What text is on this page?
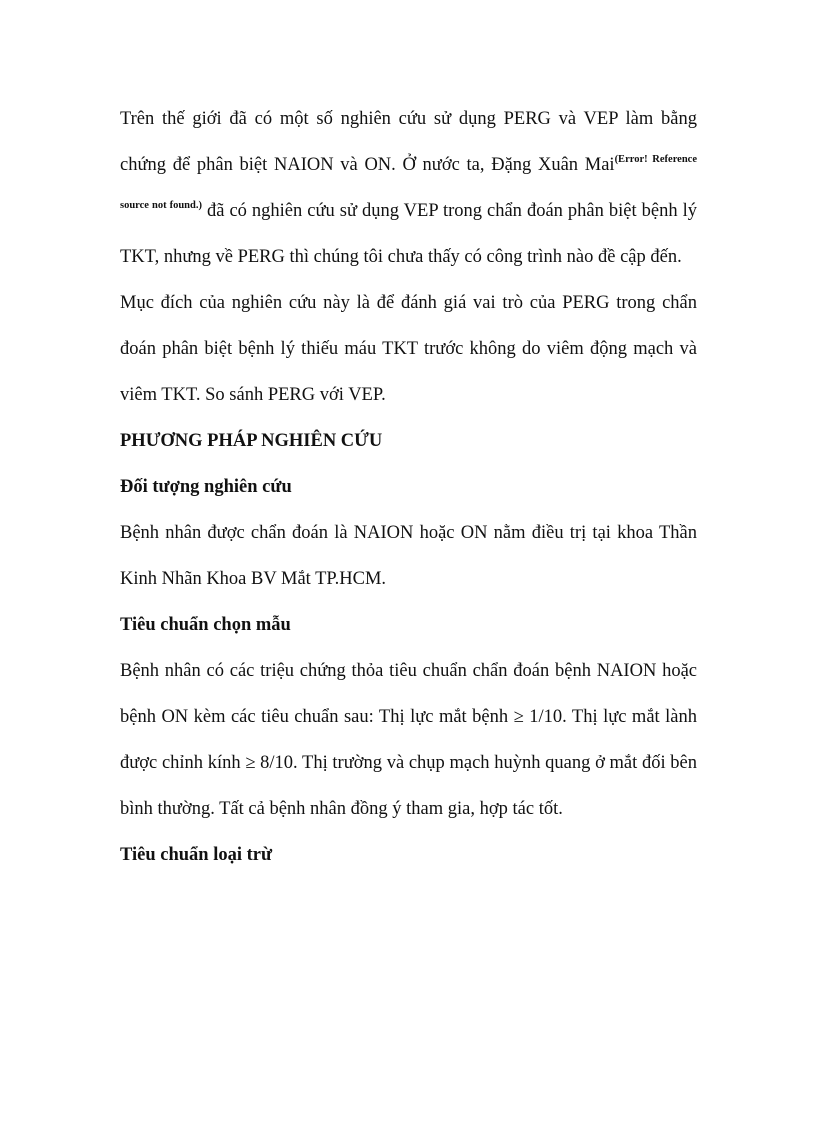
Trên thế giới đã có một số nghiên cứu sử dụng PERG và VEP làm bằng chứng để phân biệt NAION và ON. Ở nước ta, Đặng Xuân Mai$^{(Error! Reference source not found.)}$ đã có nghiên cứu sử dụng VEP trong chẩn đoán phân biệt bệnh lý TKT, nhưng về PERG thì chúng tôi chưa thấy có công trình nào đề cập đến.

Mục đích của nghiên cứu này là để đánh giá vai trò của PERG trong chẩn đoán phân biệt bệnh lý thiếu máu TKT trước không do viêm động mạch và viêm TKT. So sánh PERG với VEP.

PHƯƠNG PHÁP NGHIÊN CỨU

Đối tượng nghiên cứu

Bệnh nhân được chẩn đoán là NAION hoặc ON nằm điều trị tại khoa Thần Kinh Nhãn Khoa BV Mắt TP.HCM.

Tiêu chuẩn chọn mẫu

Bệnh nhân có các triệu chứng thỏa tiêu chuẩn chẩn đoán bệnh NAION hoặc bệnh ON kèm các tiêu chuẩn sau: Thị lực mắt bệnh ≥ 1/10. Thị lực mắt lành được chỉnh kính ≥ 8/10. Thị trường và chụp mạch huỳnh quang ở mắt đối bên bình thường. Tất cả bệnh nhân đồng ý tham gia, hợp tác tốt.

Tiêu chuẩn loại trừ
